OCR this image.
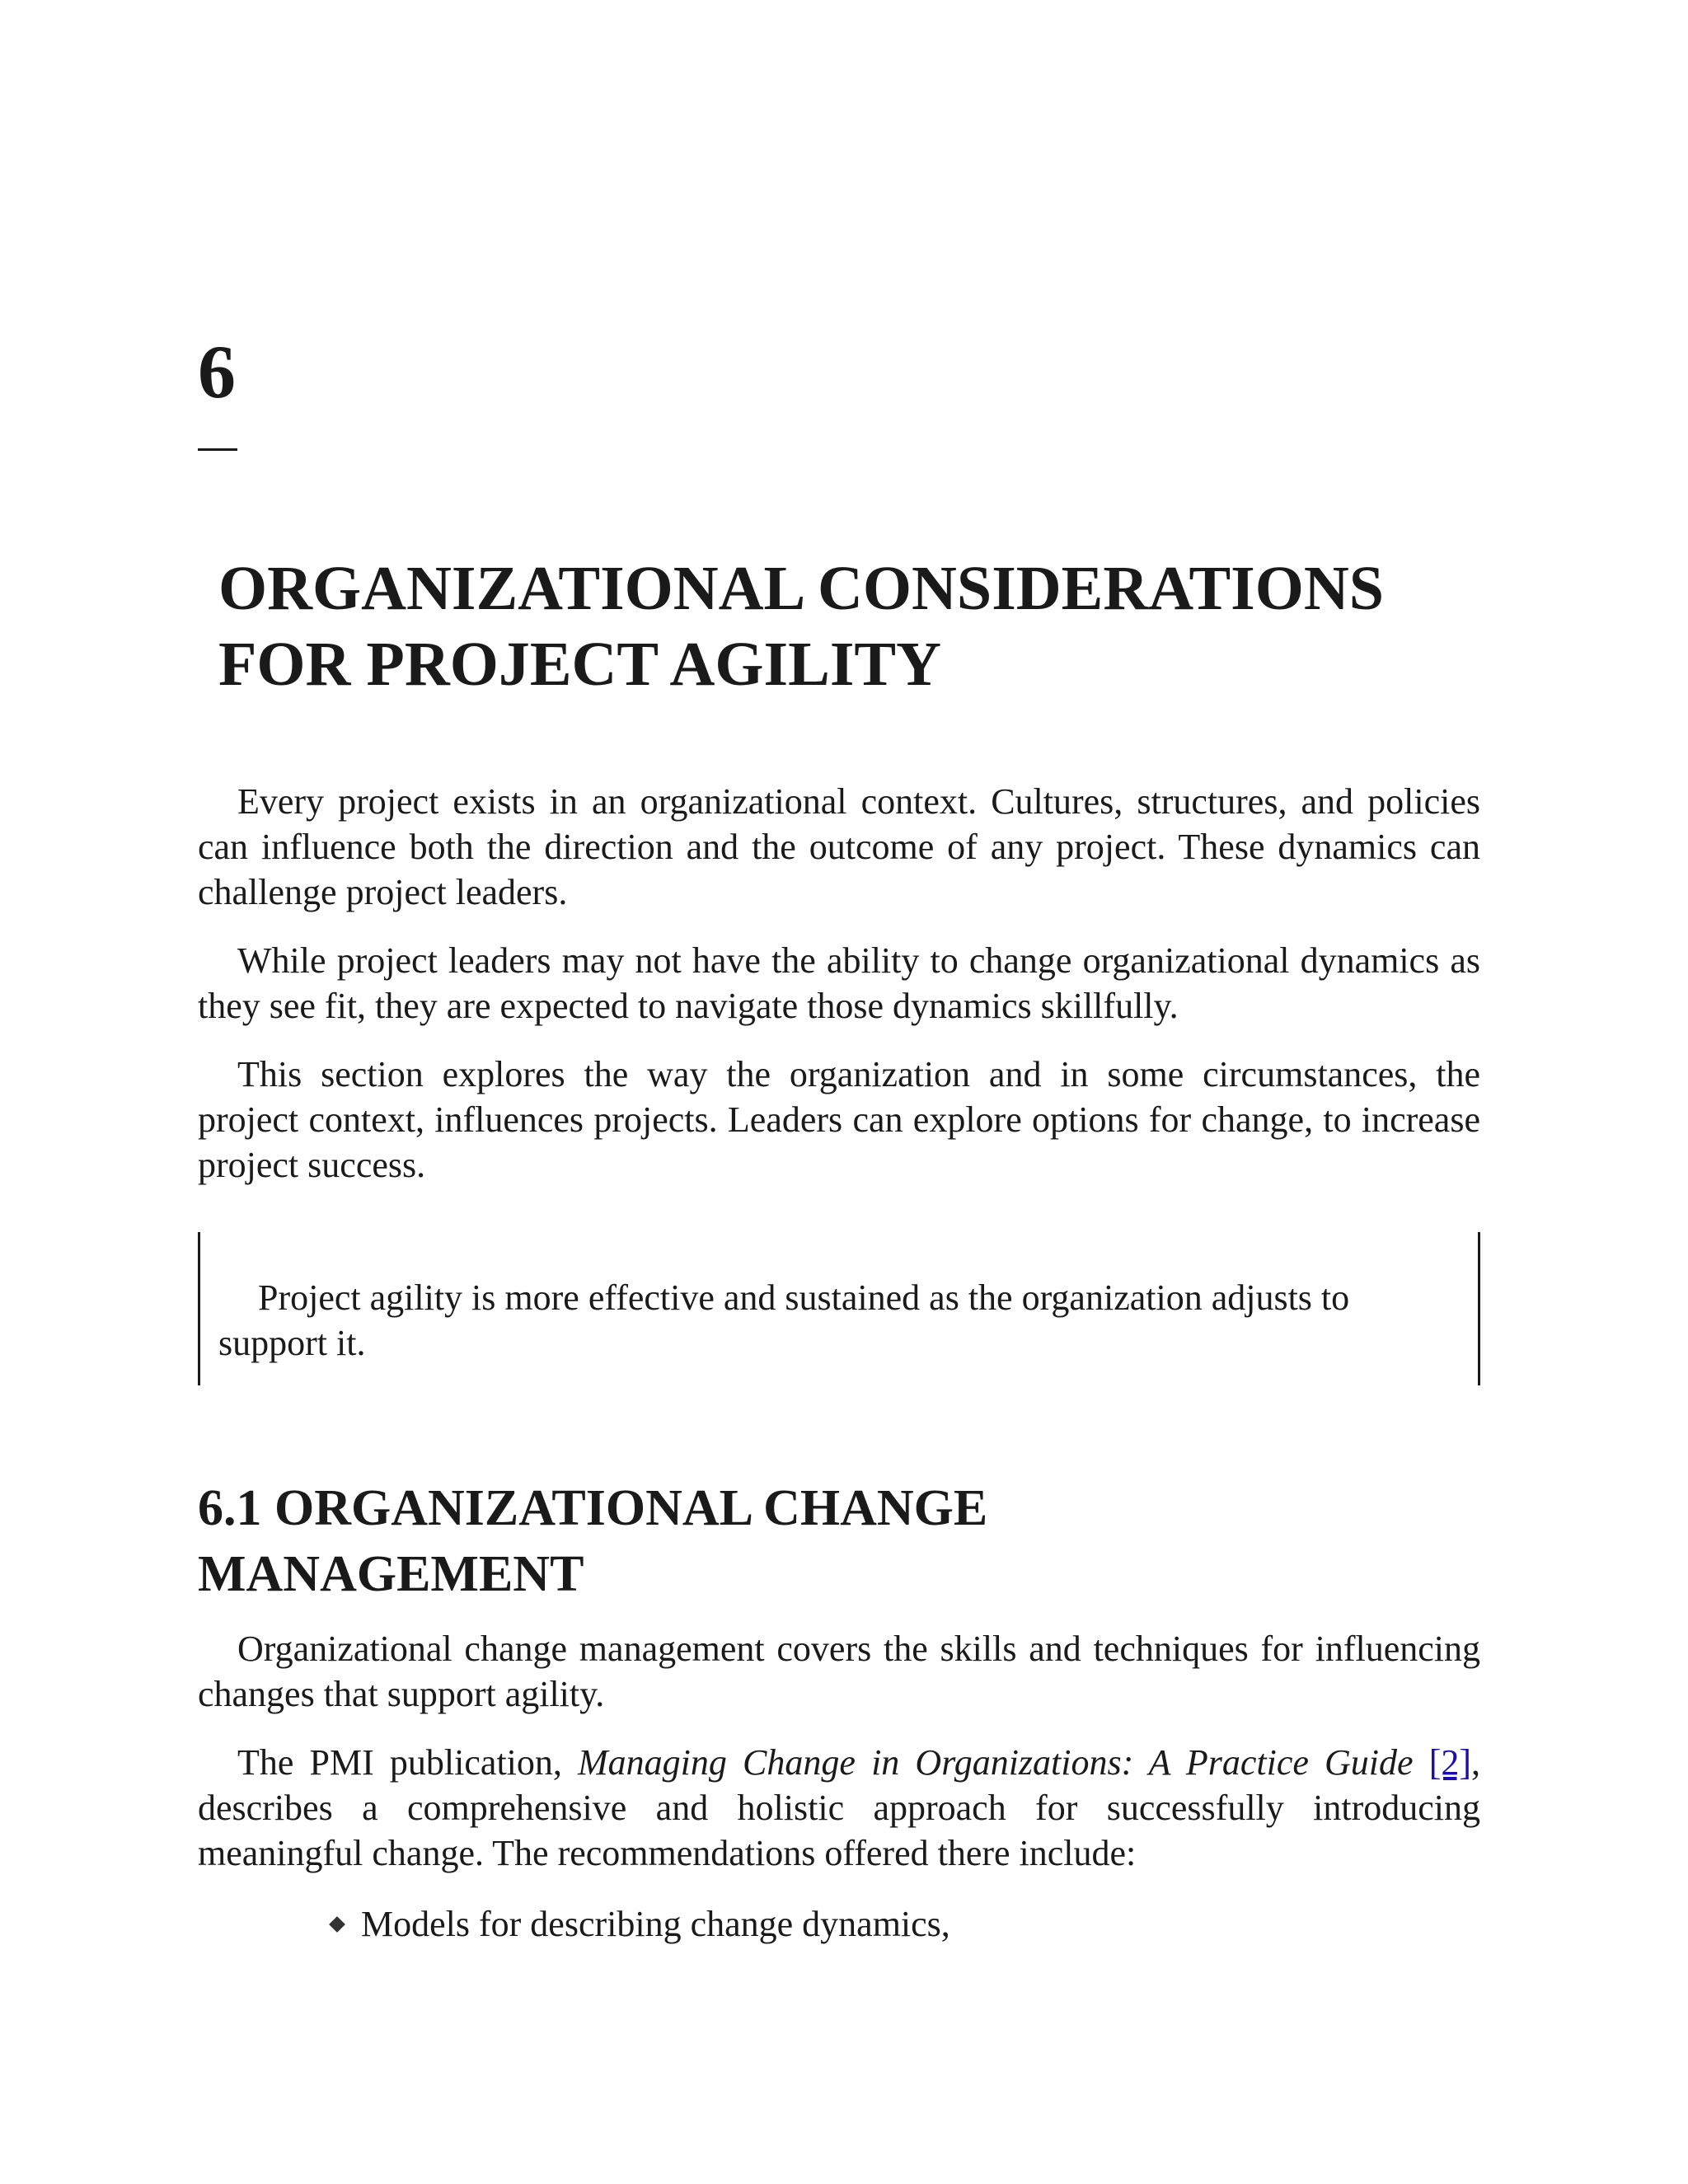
6
ORGANIZATIONAL CONSIDERATIONS
FOR PROJECT AGILITY

Every project exists in an organizational context. Cultures, structures, and policies can influence both the direction and the outcome of any project. These dynamics can challenge project leaders.

While project leaders may not have the ability to change organizational dynamics as they see fit, they are expected to navigate those dynamics skillfully.

This section explores the way the organization and in some circumstances, the project context, influences projects. Leaders can explore options for change, to increase project success.

Project agility is more effective and sustained as the organization adjusts to support it.

6.1 ORGANIZATIONAL CHANGE
MANAGEMENT

Organizational change management covers the skills and techniques for influencing changes that support agility.

The PMI publication, Managing Change in Organizations: A Practice Guide [2], describes a comprehensive and holistic approach for successfully introducing meaningful change. The recommendations offered there include:

Models for describing change dynamics,
